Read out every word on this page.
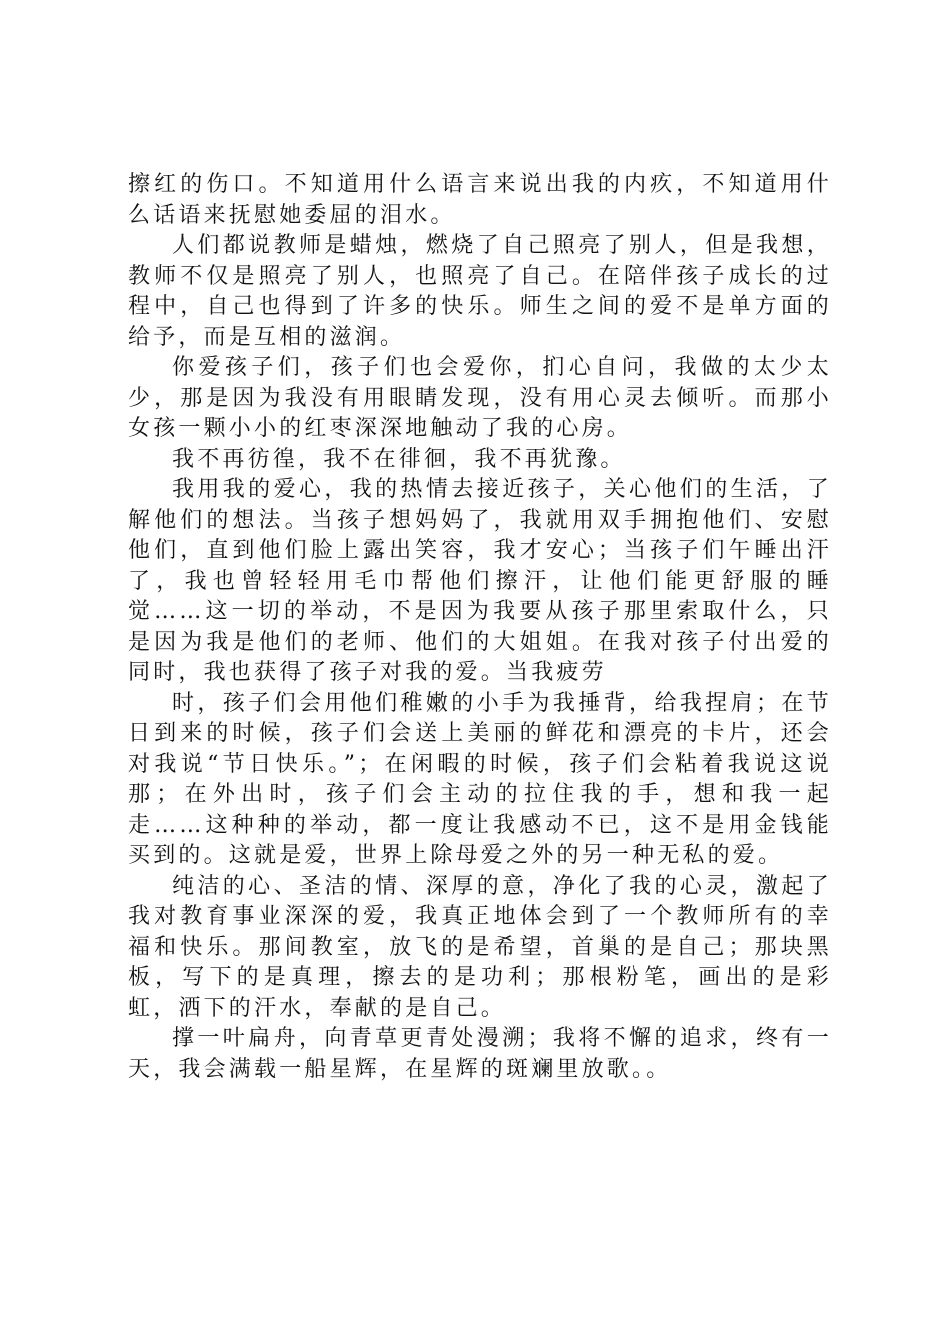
擦红的伤口。不知道用什么语言来说出我的内疚，不知道用什么话语来抚慰她委屈的泪水。

人们都说教师是蜡烛，燃烧了自己照亮了别人，但是我想，教师不仅是照亮了别人，也照亮了自己。在陪伴孩子成长的过程中，自己也得到了许多的快乐。师生之间的爱不是单方面的给予，而是互相的滋润。

你爱孩子们，孩子们也会爱你，扪心自问，我做的太少太少，那是因为我没有用眼睛发现，没有用心灵去倾听。而那小女孩一颗小小的红枣深深地触动了我的心房。

我不再彷徨，我不在徘徊，我不再犹豫。

我用我的爱心，我的热情去接近孩子，关心他们的生活，了解他们的想法。当孩子想妈妈了，我就用双手拥抱他们、安慰他们，直到他们脸上露出笑容，我才安心；当孩子们午睡出汗了，我也曾轻轻用毛巾帮他们擦汗，让他们能更舒服的睡觉……这一切的举动，不是因为我要从孩子那里索取什么，只是因为我是他们的老师、他们的大姐姐。在我对孩子付出爱的同时，我也获得了孩子对我的爱。当我疲劳

时，孩子们会用他们稚嫩的小手为我捶背，给我捏肩；在节日到来的时候，孩子们会送上美丽的鲜花和漂亮的卡片，还会对我说“节日快乐。”；在闲暇的时候，孩子们会粘着我说这说那；在外出时，孩子们会主动的拉住我的手，想和我一起走……这种种的举动，都一度让我感动不已，这不是用金钱能买到的。这就是爱，世界上除母爱之外的另一种无私的爱。

纯洁的心、圣洁的情、深厚的意，净化了我的心灵，激起了我对教育事业深深的爱，我真正地体会到了一个教师所有的幸福和快乐。那间教室，放飞的是希望，首巢的是自己；那块黑板，写下的是真理，擦去的是功利；那根粉笔，画出的是彩虹，洒下的汗水，奉献的是自己。

撑一叶扁舟，向青草更青处漫溯；我将不懈的追求，终有一天，我会满载一船星辉，在星辉的斑斓里放歌。。
